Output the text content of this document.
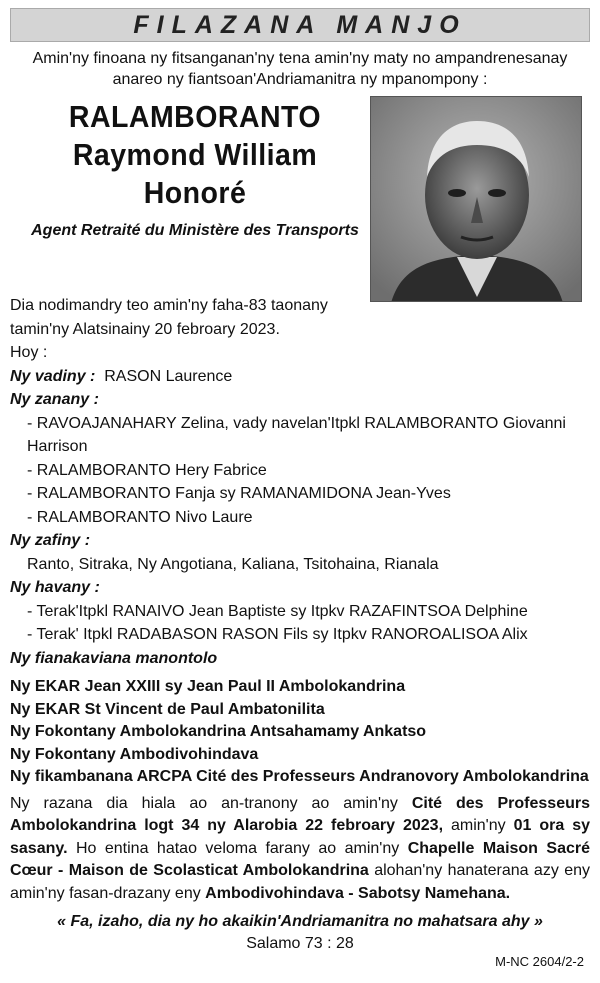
FILAZANA MANJO
Amin'ny finoana ny fitsanganan'ny tena amin'ny maty no ampandrenesanay
anareo ny fiantsoan'Andriamanitra ny mpanompony :

RALAMBORANTO

Raymond William

Honoré

Agent Retraité du Ministère des Transports

Dia nodimandry teo amin'ny faha-83 taonany

tamin'ny Alatsinainy 20 febroary 2023.

Hoy :

Ny vadiny : RASON Laurence

Ny zanany :

- RAVOAJANAHARY Zelina, vady navelan'Itpkl RALAMBORANTO Giovanni

Harrison

- RALAMBORANTO Hery Fabrice

- RALAMBORANTO Fanja sy RAMANAMIDONA Jean-Yves

- RALAMBORANTO Nivo Laure

Ny zafiny :

Ranto, Sitraka, Ny Angotiana, Kaliana, Tsitohaina, Rianala

Ny havany :

- Terak'Itpkl RANAIVO Jean Baptiste sy Itpkv RAZAFINTSOA Delphine

- Terak' Itpkl RADABASON RASON Fils sy Itpkv RANOROALISOA Alix

Ny fianakaviana manontolo

Ny EKAR Jean XXIII sy Jean Paul II Ambolokandrina

Ny EKAR St Vincent de Paul Ambatonilita

Ny Fokontany Ambolokandrina Antsahamamy Ankatso

Ny Fokontany Ambodivohindava

Ny fikambanana ARCPA Cité des Professeurs Andranovory Ambolokandrina

Ny razana dia hiala ao an-tranony ao amin'ny Cité des Professeurs Ambolokandrina logt 34 ny Alarobia 22 febroary 2023, amin'ny 01 ora sy sasany. Ho entina hatao veloma farany ao amin'ny Chapelle Maison Sacré Cœur - Maison de Scolasticat Ambolokandrina alohan'ny hanaterana azy eny amin'ny fasan-drazany eny Ambodivohindava - Sabotsy Namehana.
« Fa, izaho, dia ny ho akaikin'Andriamanitra no mahatsara ahy »
Salamo 73 : 28
M-NC 2604/2-2
